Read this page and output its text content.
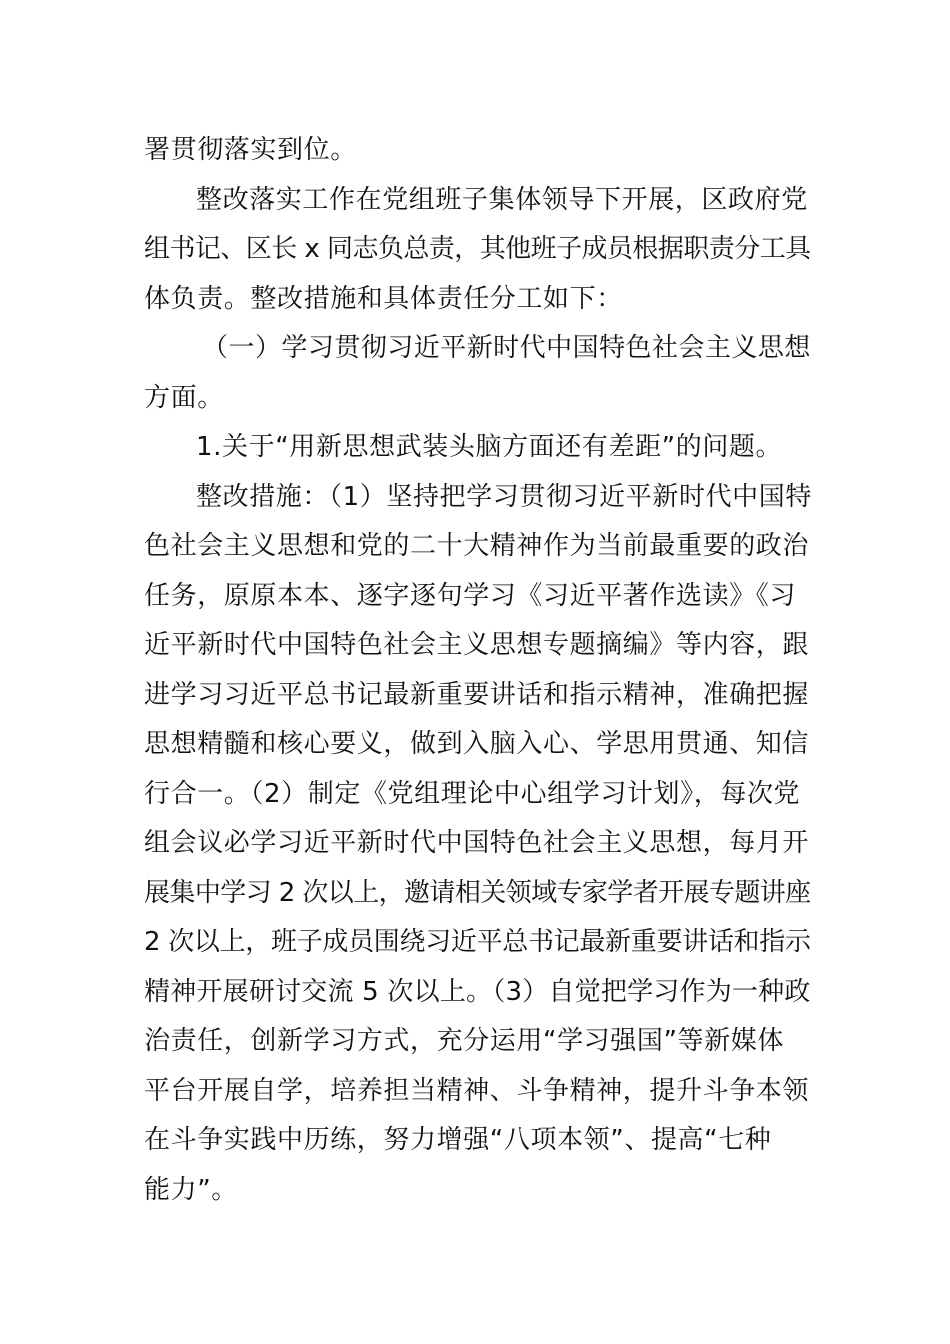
署贯彻落实到位。
整改落实工作在党组班子集体领导下开展，区政府党
组书记、区长 x 同志负总责，其他班子成员根据职责分工具
体负责。整改措施和具体责任分工如下：
（一）学习贯彻习近平新时代中国特色社会主义思想
方面。
1.关于“用新思想武装头脑方面还有差距”的问题。
整改措施：（1）坚持把学习贯彻习近平新时代中国特
色社会主义思想和党的二十大精神作为当前最重要的政治
任务，原原本本、逐字逐句学习《习近平著作选读》《习
近平新时代中国特色社会主义思想专题摘编》等内容，跟
进学习习近平总书记最新重要讲话和指示精神，准确把握
思想精髓和核心要义，做到入脑入心、学思用贯通、知信
行合一。（2）制定《党组理论中心组学习计划》，每次党
组会议必学习近平新时代中国特色社会主义思想，每月开
展集中学习 2 次以上，邀请相关领域专家学者开展专题讲座
2 次以上，班子成员围绕习近平总书记最新重要讲话和指示
精神开展研讨交流 5 次以上。（3）自觉把学习作为一种政
治责任，创新学习方式，充分运用“学习强国”等新媒体
平台开展自学，培养担当精神、斗争精神，提升斗争本领
在斗争实践中历练，努力增强“八项本领”、提高“七种
能力”。
